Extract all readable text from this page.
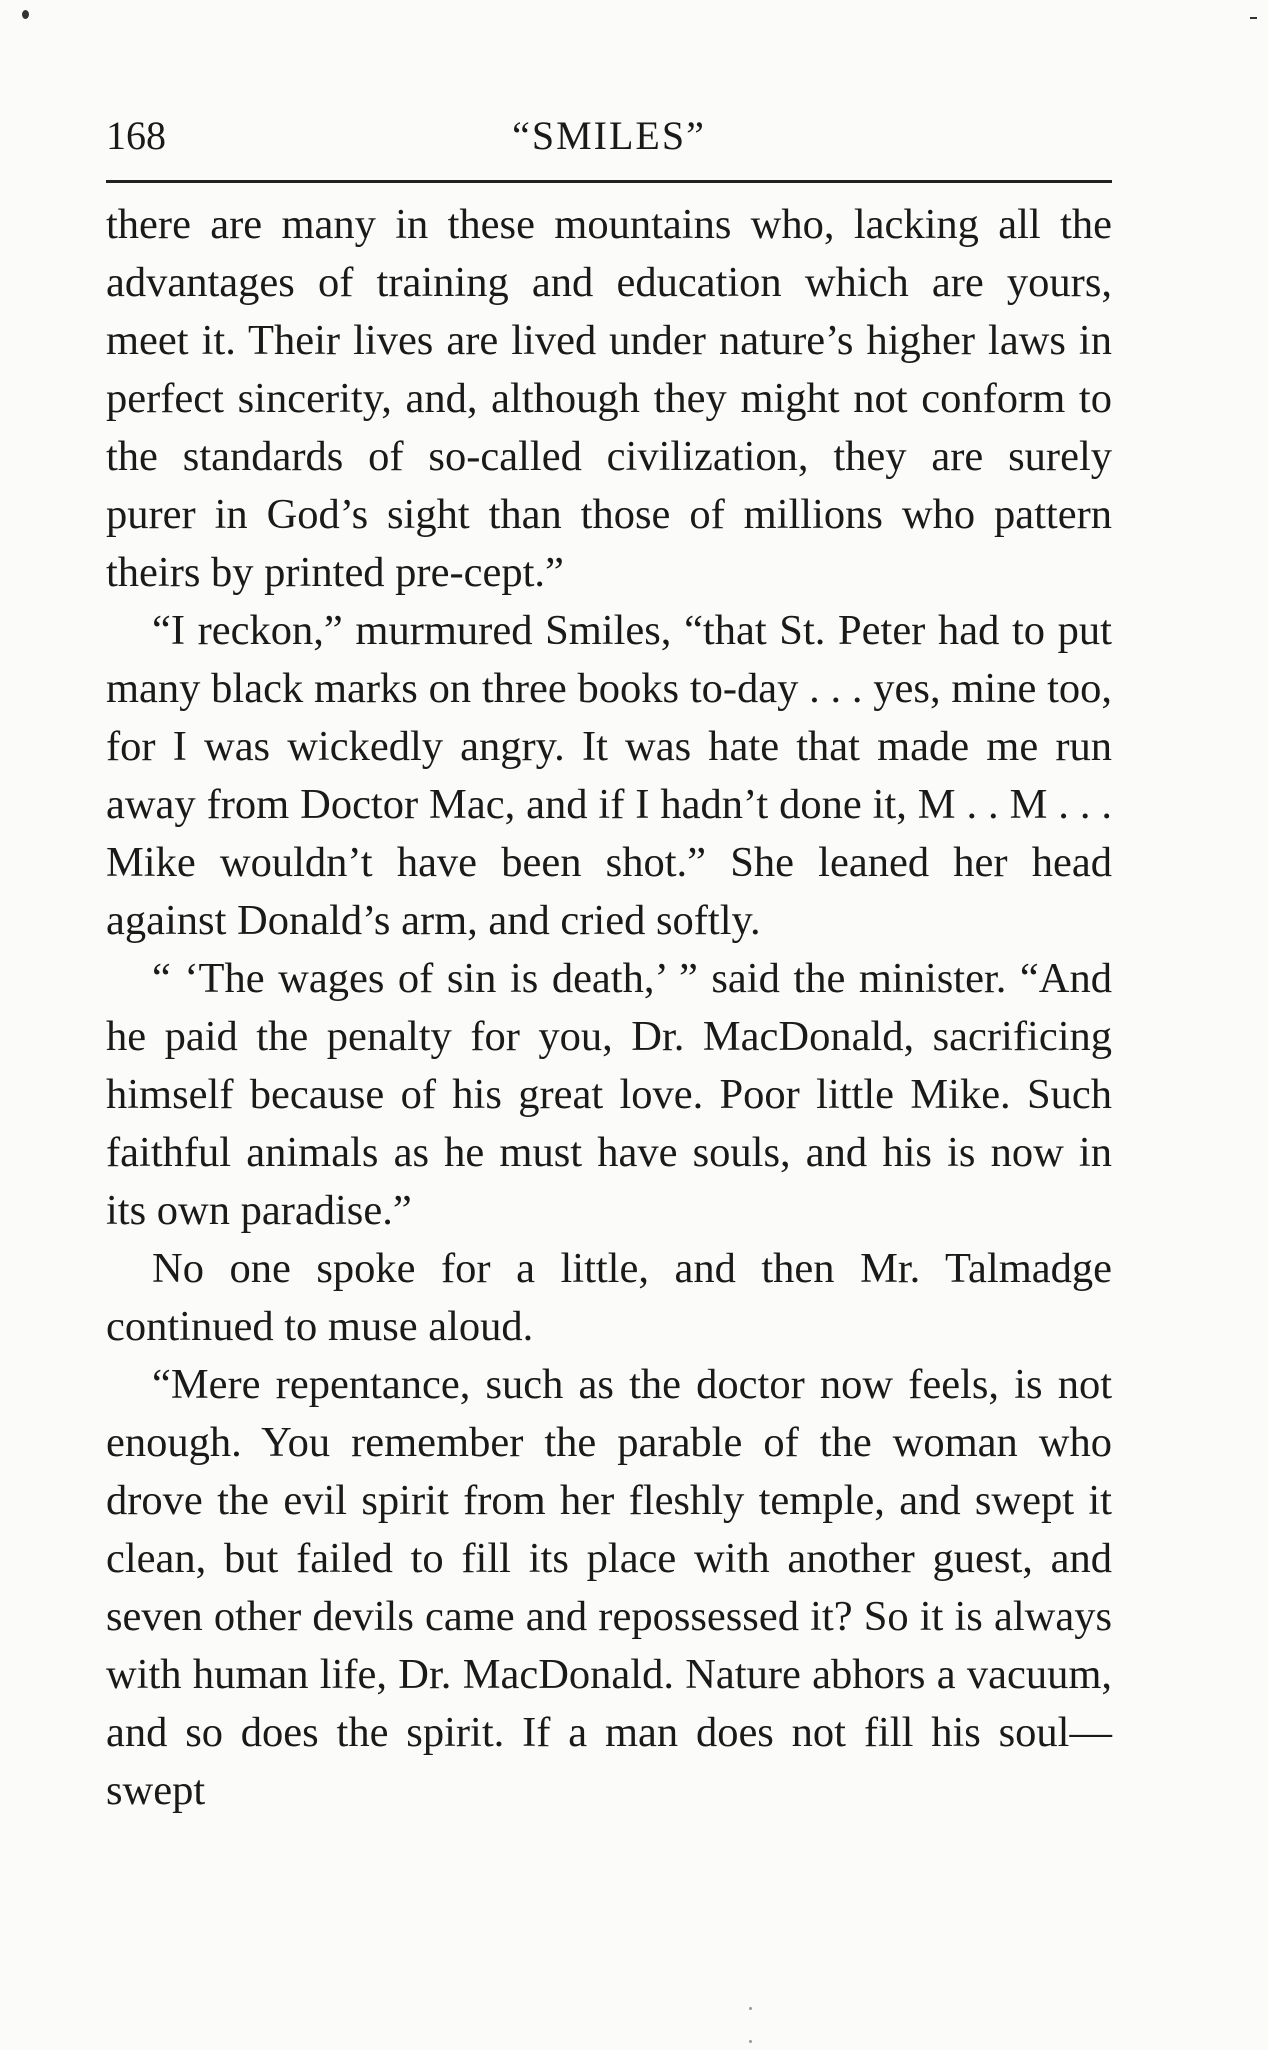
168	“SMILES”

there are many in these mountains who, lacking all the advantages of training and education which are yours, meet it. Their lives are lived under nature’s higher laws in perfect sincerity, and, although they might not conform to the standards of so-called civilization, they are surely purer in God’s sight than those of millions who pattern theirs by printed pre-cept.”

“I reckon,” murmured Smiles, “that St. Peter had to put many black marks on three books to-day . . . yes, mine too, for I was wickedly angry. It was hate that made me run away from Doctor Mac, and if I hadn’t done it, M . . M . . . Mike wouldn’t have been shot.” She leaned her head against Donald’s arm, and cried softly.

“ ‘The wages of sin is death,’ ” said the minister. “And he paid the penalty for you, Dr. MacDonald, sacrificing himself because of his great love. Poor little Mike. Such faithful animals as he must have souls, and his is now in its own paradise.”

No one spoke for a little, and then Mr. Talmadge continued to muse aloud.

“Mere repentance, such as the doctor now feels, is not enough. You remember the parable of the woman who drove the evil spirit from her fleshly temple, and swept it clean, but failed to fill its place with another guest, and seven other devils came and repossessed it? So it is always with human life, Dr. MacDonald. Nature abhors a vacuum, and so does the spirit. If a man does not fill his soul—swept
